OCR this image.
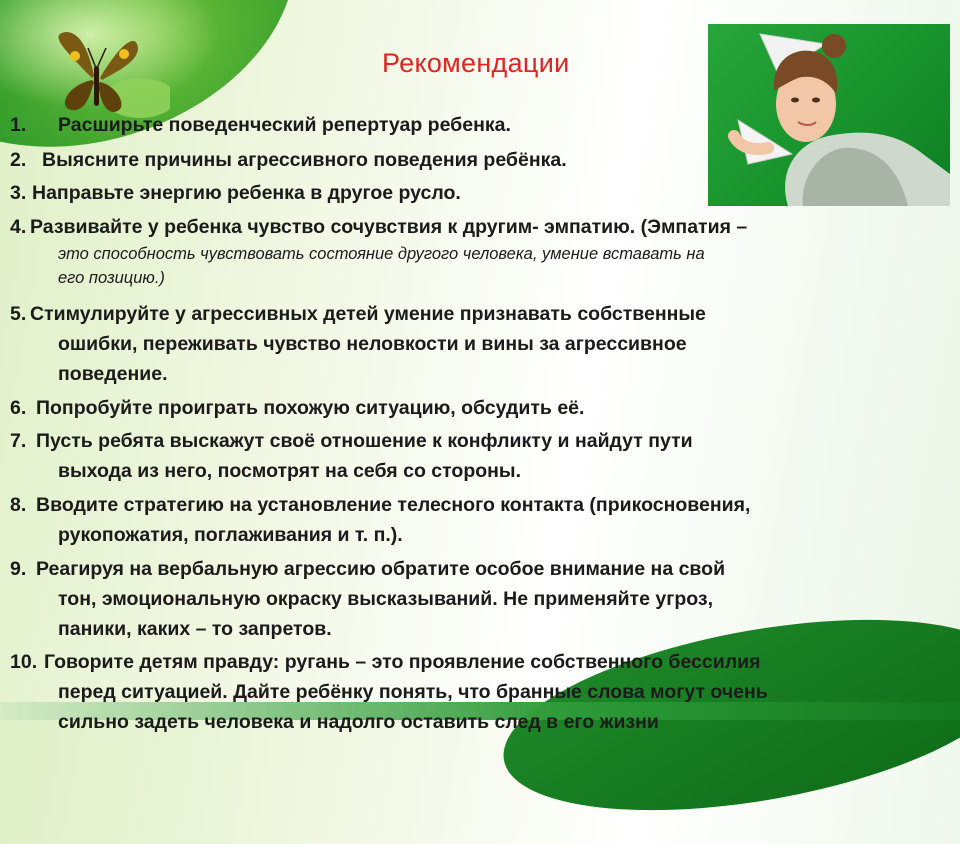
Рекомендации
1.	Расширьте поведенческий репертуар ребенка.
2. Выясните причины агрессивного поведения ребёнка.
3. Направьте энергию ребенка в другое русло.
4. Развивайте у ребенка чувство сочувствия к другим- эмпатию. (Эмпатия –
это способность чувствовать состояние другого человека, умение вставать на
его позицию.)
5. Стимулируйте у агрессивных детей умение признавать собственные
ошибки, переживать чувство неловкости и вины за агрессивное
поведение.
6. Попробуйте проиграть похожую ситуацию, обсудить её.
7. Пусть ребята выскажут своё отношение к конфликту и найдут пути
выхода из него, посмотрят на себя со стороны.
8. Вводите стратегию на установление телесного контакта (прикосновения,
рукопожатия, поглаживания и т. п.).
9. Реагируя на вербальную агрессию обратите особое внимание на свой
тон, эмоциональную окраску высказываний. Не применяйте угроз,
паники, каких – то запретов.
10. Говорите детям правду: ругань – это проявление собственного бессилия
перед ситуацией. Дайте ребёнку понять, что бранные слова могут очень
сильно задеть человека и надолго оставить след в его жизни
